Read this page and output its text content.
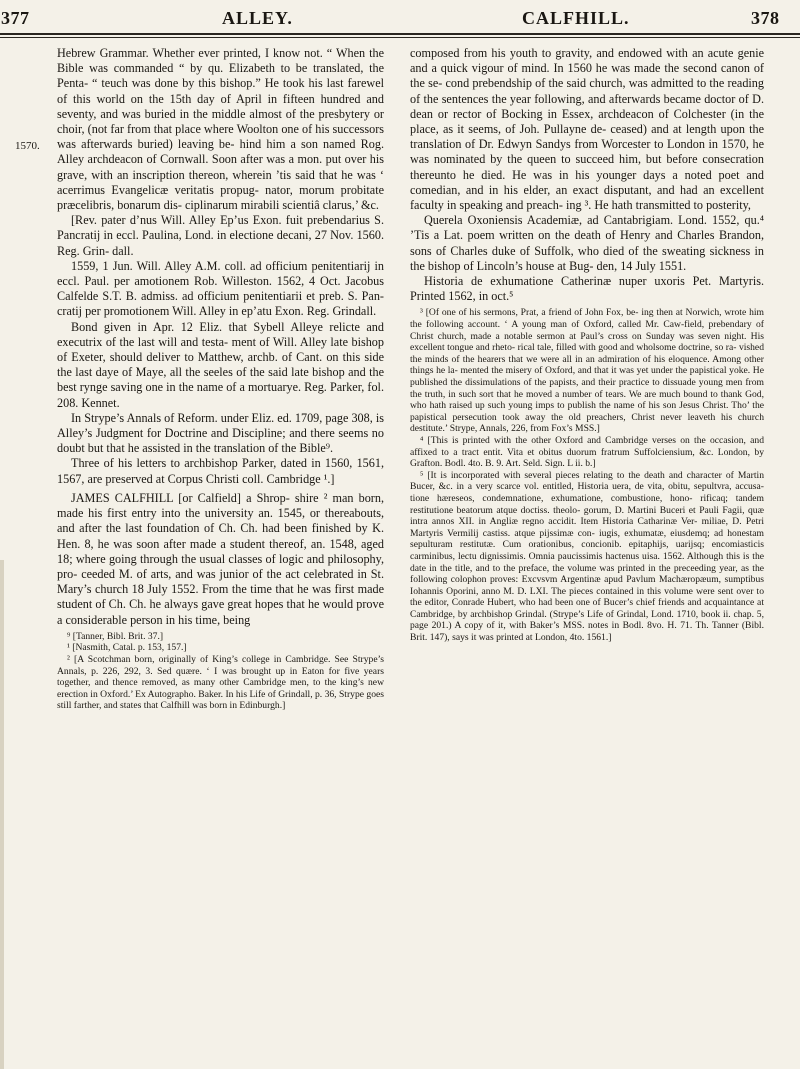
377	ALLEY.	CALFHILL.	378
1570.

Hebrew Grammar. Whether ever printed, I know not. “ When the Bible was commanded “ by qu. Elizabeth to be translated, the Penta- “ teuch was done by this bishop.” He took his last farewel of this world on the 15th day of April in fifteen hundred and seventy, and was buried in the middle almost of the presbytery or choir, (not far from that place where Woolton one of his successors was afterwards buried) leaving be- hind him a son named Rog. Alley archdeacon of Cornwall. Soon after was a mon. put over his grave, with an inscription thereon, wherein ’tis said that he was ‘ acerrimus Evangelicæ veritatis propug- nator, morum probitate præcelibris, bonarum dis- ciplinarum mirabili scientiâ clarus,’ &c.

[Rev. pater d’nus Will. Alley Ep’us Exon. fuit prebendarius S. Pancratij in eccl. Paulina, Lond. in electione decani, 27 Nov. 1560. Reg. Grin- dall.

1559, 1 Jun. Will. Alley A.M. coll. ad officium penitentiarij in eccl. Paul. per amotionem Rob. Willeston. 1562, 4 Oct. Jacobus Calfelde S.T. B. admiss. ad officium penitentiarii et preb. S. Pan- cratij per promotionem Will. Alley in ep’atu Exon. Reg. Grindall.

Bond given in Apr. 12 Eliz. that Sybell Alleye relicte and executrix of the last will and testa- ment of Will. Alley late bishop of Exeter, should deliver to Matthew, archb. of Cant. on this side the last daye of Maye, all the seeles of the said late bishop and the best rynge saving one in the name of a mortuarye. Reg. Parker, fol. 208. Kennet.

In Strype’s Annals of Reform. under Eliz. ed. 1709, page 308, is Alley’s Judgment for Doctrine and Discipline; and there seems no doubt but that he assisted in the translation of the Bible⁹.

Three of his letters to archbishop Parker, dated in 1560, 1561, 1567, are preserved at Corpus Christi coll. Cambridge ¹.]

JAMES CALFHILL [or Calfield] a Shrop- shire ² man born, made his first entry into the university an. 1545, or thereabouts, and after the last foundation of Ch. Ch. had been finished by K. Hen. 8, he was soon after made a student thereof, an. 1548, aged 18; where going through the usual classes of logic and philosophy, pro- ceeded M. of arts, and was junior of the act celebrated in St. Mary’s church 18 July 1552. From the time that he was first made student of Ch. Ch. he always gave great hopes that he would prove a considerable person in his time, being

⁹ [Tanner, Bibl. Brit. 37.]

¹ [Nasmith, Catal. p. 153, 157.]

² [A Scotchman born, originally of King’s college in Cambridge. See Strype’s Annals, p. 226, 292, 3. Sed quære. ‘ I was brought up in Eaton for five years together, and thence removed, as many other Cambridge men, to the king’s new erection in Oxford.’ Ex Autographo. Baker. In his Life of Grindall, p. 36, Strype goes still farther, and states that Calfhill was born in Edinburgh.]

composed from his youth to gravity, and endowed with an acute genie and a quick vigour of mind. In 1560 he was made the second canon of the se- cond prebendship of the said church, was admitted to the reading of the sentences the year following, and afterwards became doctor of D. dean or rector of Bocking in Essex, archdeacon of Colchester (in the place, as it seems, of Joh. Pullayne de- ceased) and at length upon the translation of Dr. Edwyn Sandys from Worcester to London in 1570, he was nominated by the queen to succeed him, but before consecration thereunto he died. He was in his younger days a noted poet and comedian, and in his elder, an exact disputant, and had an excellent faculty in speaking and preach- ing ³. He hath transmitted to posterity,

Querela Oxoniensis Academiæ, ad Cantabrigiam. Lond. 1552, qu.⁴ ’Tis a Lat. poem written on the death of Henry and Charles Brandon, sons of Charles duke of Suffolk, who died of the sweating sickness in the bishop of Lincoln’s house at Bug- den, 14 July 1551.

Historia de exhumatione Catherinæ nuper uxoris Pet. Martyris. Printed 1562, in oct.⁵

³ [Of one of his sermons, Prat, a friend of John Fox, be- ing then at Norwich, wrote him the following account. ‘ A young man of Oxford, called Mr. Caw-field, prebendary of Christ church, made a notable sermon at Paul’s cross on Sunday was seven night. His excellent tongue and rheto- rical tale, filled with good and wholsome doctrine, so ra- vished the minds of the hearers that we were all in an admiration of his eloquence. Among other things he la- mented the misery of Oxford, and that it was yet under the papistical yoke. He published the dissimulations of the papists, and their practice to dissuade young men from the truth, in such sort that he moved a number of tears. We are much bound to thank God, who hath raised up such young imps to publish the name of his son Jesus Christ. Tho’ the papistical persecution took away the old preachers, Christ never leaveth his church destitute.’ Strype, Annals, 226, from Fox’s MSS.]

⁴ [This is printed with the other Oxford and Cambridge verses on the occasion, and affixed to a tract entit. Vita et obitus duorum fratrum Suffolciensium, &c. London, by Grafton. Bodl. 4to. B. 9. Art. Seld. Sign. L ii. b.]

⁵ [It is incorporated with several pieces relating to the death and character of Martin Bucer, &c. in a very scarce vol. entitled, Historia uera, de vita, obitu, sepultvra, accusa- tione hæreseos, condemnatione, exhumatione, combustione, hono- rificaq; tandem restitutione beatorum atque doctiss. theolo- gorum, D. Martini Buceri et Pauli Fagii, quæ intra annos XII. in Angliæ regno accidit. Item Historia Catharinæ Ver- miliae, D. Petri Martyris Vermilij castiss. atque pijssimæ con- iugis, exhumatæ, eiusdemq; ad honestam sepulturam restitutæ. Cum orationibus, concionib. epitaphijs, uarijsq; encomiasticis carminibus, lectu dignissimis. Omnia paucissimis hactenus uisa. 1562. Although this is the date in the title, and to the preface, the volume was printed in the preceeding year, as the following colophon proves: Excvsvm Argentinæ apud Pavlum Machæropæum, sumptibus Iohannis Oporini, anno M. D. LXI. The pieces contained in this volume were sent over to the editor, Conrade Hubert, who had been one of Bucer’s chief friends and acquaintance at Cambridge, by archbishop Grindal. (Strype’s Life of Grindal, Lond. 1710, book ii. chap. 5, page 201.) A copy of it, with Baker’s MSS. notes in Bodl. 8vo. H. 71. Th. Tanner (Bibl. Brit. 147), says it was printed at London, 4to. 1561.]
